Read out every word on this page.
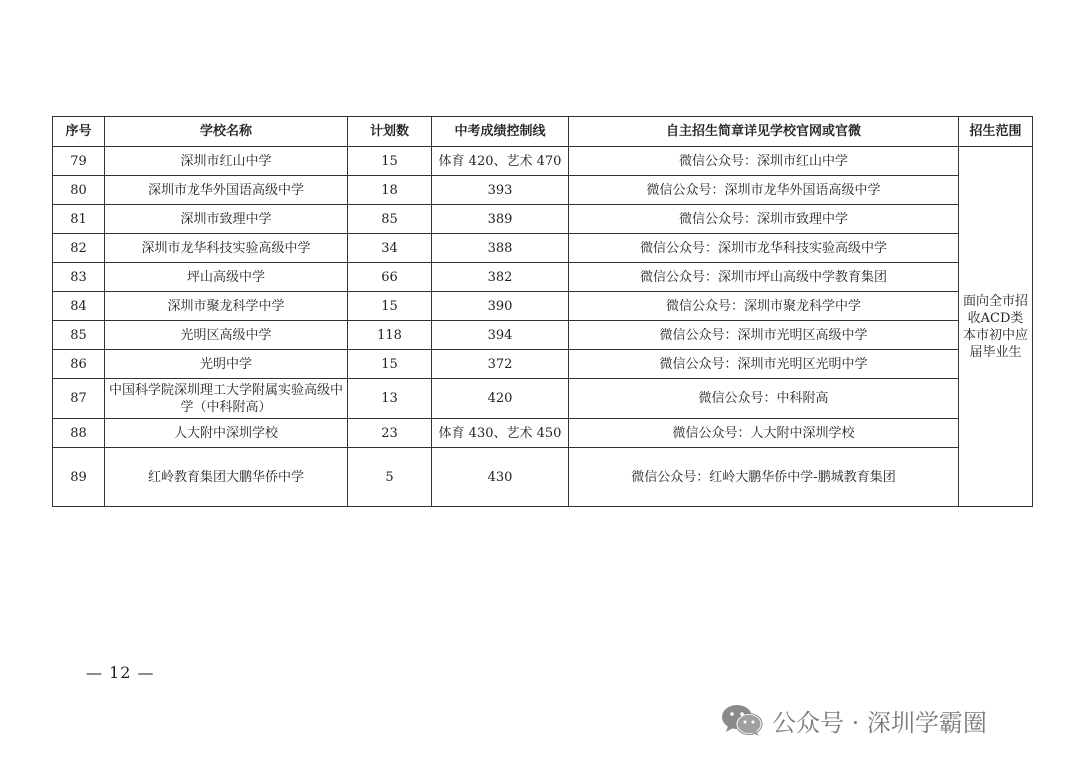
序号	学校名称	计划数	中考成绩控制线	自主招生简章详见学校官网或官微	招生范围
79	深圳市红山中学	15	体育 420、艺术 470	微信公众号：深圳市红山中学	面向全市招收ACD类本市初中应届毕业生
80	深圳市龙华外国语高级中学	18	393	微信公众号：深圳市龙华外国语高级中学	
81	深圳市致理中学	85	389	微信公众号：深圳市致理中学	
82	深圳市龙华科技实验高级中学	34	388	微信公众号：深圳市龙华科技实验高级中学	
83	坪山高级中学	66	382	微信公众号：深圳市坪山高级中学教育集团	
84	深圳市聚龙科学中学	15	390	微信公众号：深圳市聚龙科学中学	
85	光明区高级中学	118	394	微信公众号：深圳市光明区高级中学	
86	光明中学	15	372	微信公众号：深圳市光明区光明中学	
87	中国科学院深圳理工大学附属实验高级中学（中科附高）	13	420	微信公众号：中科附高	
88	人大附中深圳学校	23	体育 430、艺术 450	微信公众号：人大附中深圳学校	
89	红岭教育集团大鹏华侨中学	5	430	微信公众号：红岭大鹏华侨中学-鹏城教育集团	
— 12 —
公众号 · 深圳学霸圈
